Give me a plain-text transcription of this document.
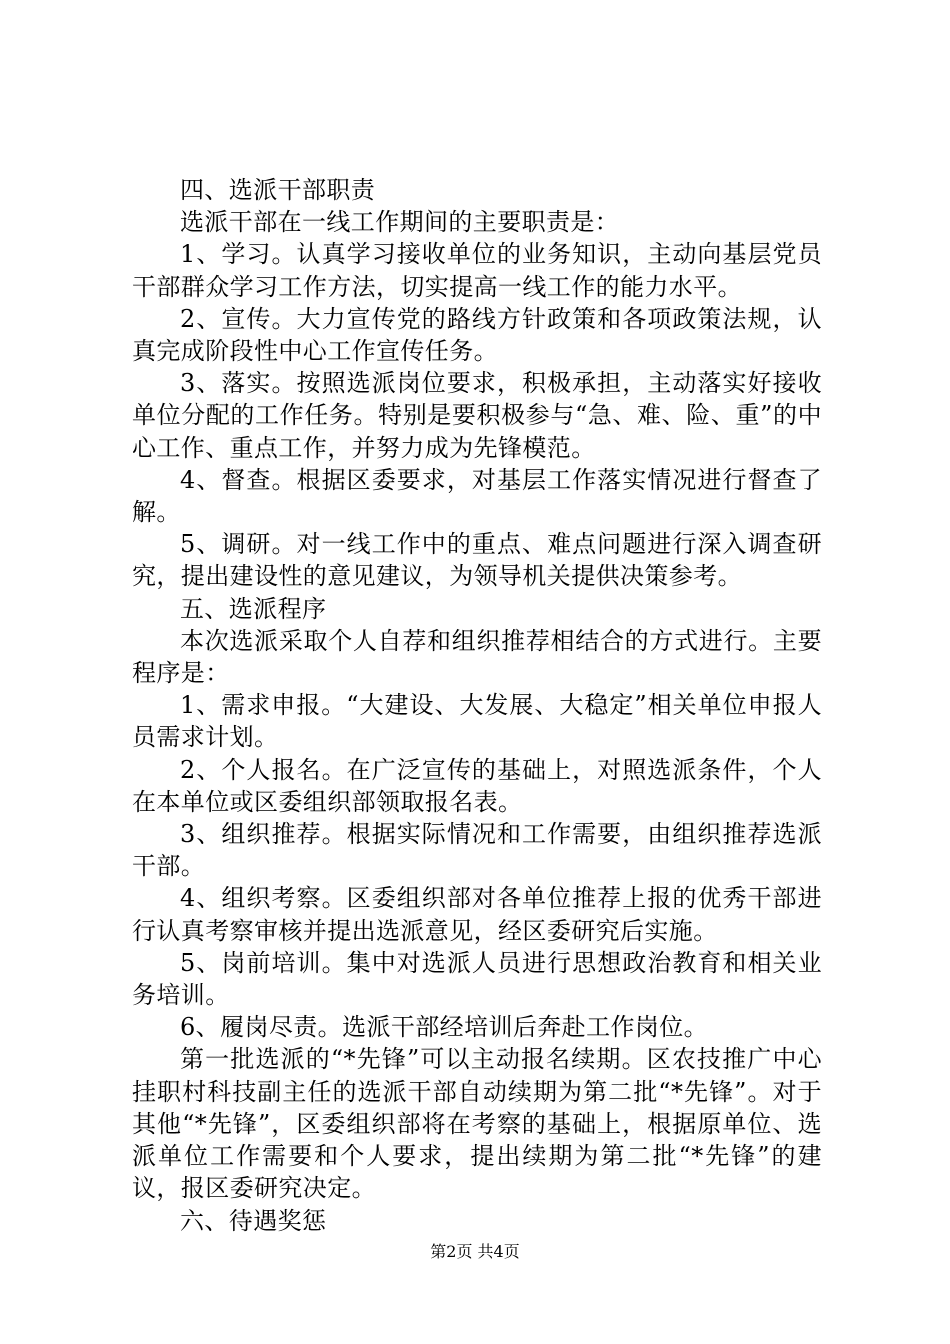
四、选派干部职责

选派干部在一线工作期间的主要职责是：

1、学习。认真学习接收单位的业务知识，主动向基层党员干部群众学习工作方法，切实提高一线工作的能力水平。

2、宣传。大力宣传党的路线方针政策和各项政策法规，认真完成阶段性中心工作宣传任务。

3、落实。按照选派岗位要求，积极承担，主动落实好接收单位分配的工作任务。特别是要积极参与“急、难、险、重”的中心工作、重点工作，并努力成为先锋模范。

4、督查。根据区委要求，对基层工作落实情况进行督查了解。

5、调研。对一线工作中的重点、难点问题进行深入调查研究，提出建设性的意见建议，为领导机关提供决策参考。

五、选派程序

本次选派采取个人自荐和组织推荐相结合的方式进行。主要程序是：

1、需求申报。“大建设、大发展、大稳定”相关单位申报人员需求计划。

2、个人报名。在广泛宣传的基础上，对照选派条件，个人在本单位或区委组织部领取报名表。

3、组织推荐。根据实际情况和工作需要，由组织推荐选派干部。

4、组织考察。区委组织部对各单位推荐上报的优秀干部进行认真考察审核并提出选派意见，经区委研究后实施。

5、岗前培训。集中对选派人员进行思想政治教育和相关业务培训。

6、履岗尽责。选派干部经培训后奔赴工作岗位。

第一批选派的“*先锋”可以主动报名续期。区农技推广中心挂职村科技副主任的选派干部自动续期为第二批“*先锋”。对于其他“*先锋”，区委组织部将在考察的基础上，根据原单位、选派单位工作需要和个人要求，提出续期为第二批“*先锋”的建议，报区委研究决定。

六、待遇奖惩

第2页 共4页
